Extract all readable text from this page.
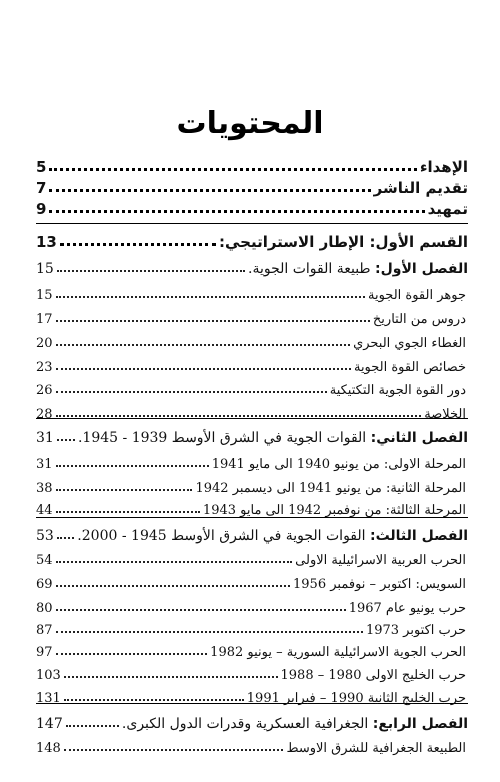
المحتويات
الإهداء
5
تقديم الناشر
7
تمهيد
9
القسم الأول: الإطار الاستراتيجي:
13
الفصل الأول: طبيعة القوات الجوية.
15
جوهر القوة الجوية
15
دروس من التاريخ
17
الغطاء الجوي البحري
20
خصائص القوة الجوية
23
دور القوة الجوية التكتيكية
26
الخلاصة
28
الفصل الثاني: القوات الجوية في الشرق الأوسط 1939 - 1945.
31
المرحلة الاولى: من يونيو 1940 الى مايو 1941
31
المرحلة الثانية: من يونيو 1941 الى ديسمبر 1942
38
المرحلة الثالثة: من نوفمبر 1942 الى مايو 1943
44
الفصل الثالث: القوات الجوية في الشرق الأوسط 1945 - 2000.
53
الحرب العربية الاسرائيلية الاولى
54
السويس: اكتوبر – نوفمبر 1956
69
حرب يونيو عام 1967
80
حرب اكتوبر 1973
87
الحرب الجوية الاسرائيلية السورية – يونيو 1982
97
حرب الخليج الاولى 1980 – 1988
103
حرب الخليج الثانية 1990 – فبراير 1991
131
الفصل الرابع: الجغرافية العسكرية وقدرات الدول الكبرى.
147
الطبيعة الجغرافية للشرق الاوسط
148
